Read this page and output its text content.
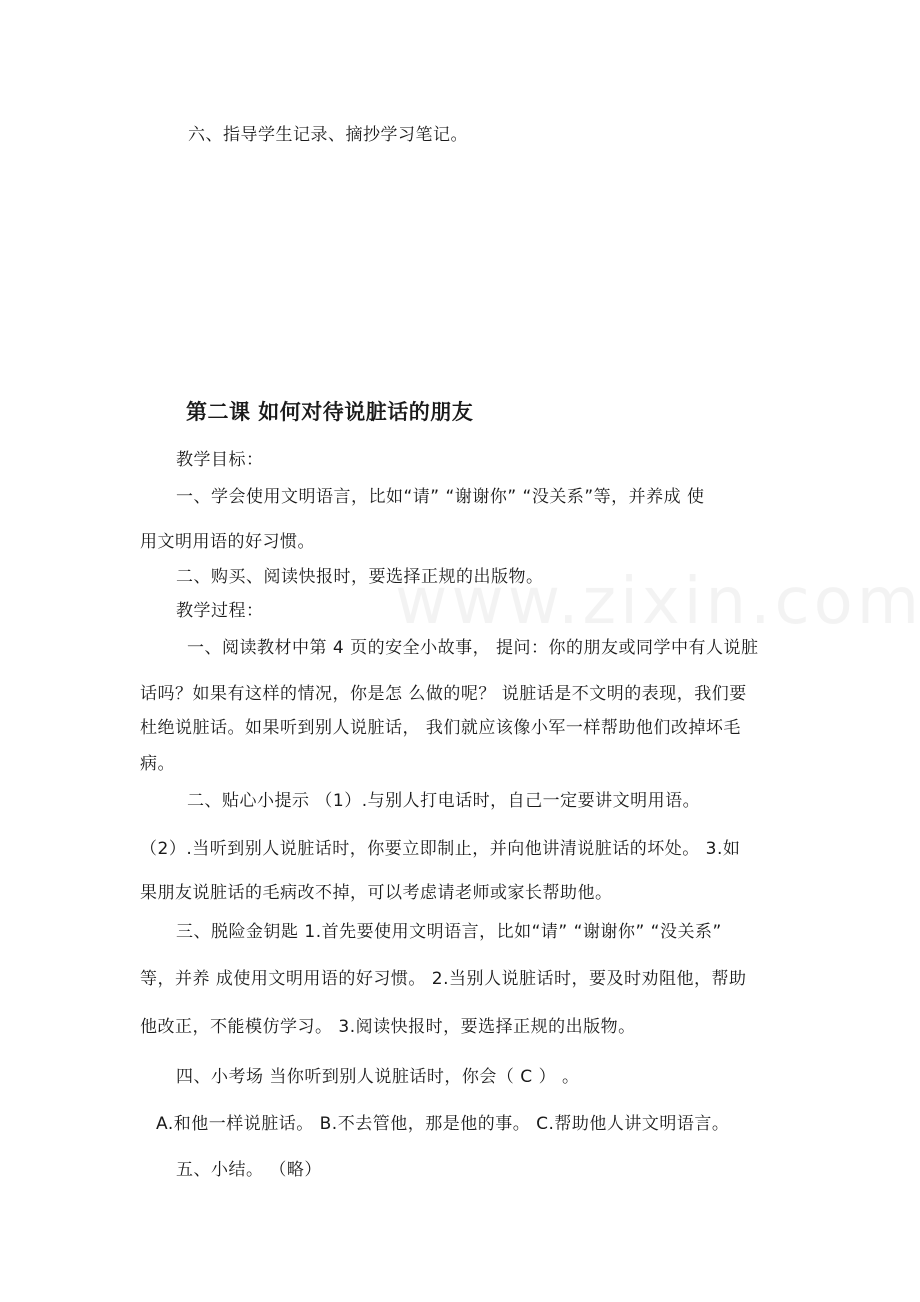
六、指导学生记录、摘抄学习笔记。
第二课 如何对待说脏话的朋友
教学目标：
一、学会使用文明语言，比如“请” “谢谢你” “没关系”等，并养成 使
用文明用语的好习惯。
二、购买、阅读快报时，要选择正规的出版物。
教学过程：
一、阅读教材中第 4 页的安全小故事， 提问：你的朋友或同学中有人说脏
话吗？如果有这样的情况，你是怎 么做的呢？ 说脏话是不文明的表现，我们要
杜绝说脏话。如果听到别人说脏话， 我们就应该像小军一样帮助他们改掉坏毛
病。
二、贴心小提示 （1）.与别人打电话时，自己一定要讲文明用语。
（2）.当听到别人说脏话时，你要立即制止，并向他讲清说脏话的坏处。 3.如
果朋友说脏话的毛病改不掉，可以考虑请老师或家长帮助他。
三、脱险金钥匙 1.首先要使用文明语言，比如“请” “谢谢你” “没关系”
等，并养 成使用文明用语的好习惯。 2.当别人说脏话时，要及时劝阻他，帮助
他改正，不能模仿学习。 3.阅读快报时，要选择正规的出版物。
四、小考场 当你听到别人说脏话时，你会（ C ） 。
A.和他一样说脏话。 B.不去管他，那是他的事。 C.帮助他人讲文明语言。
五、小结。 （略）
